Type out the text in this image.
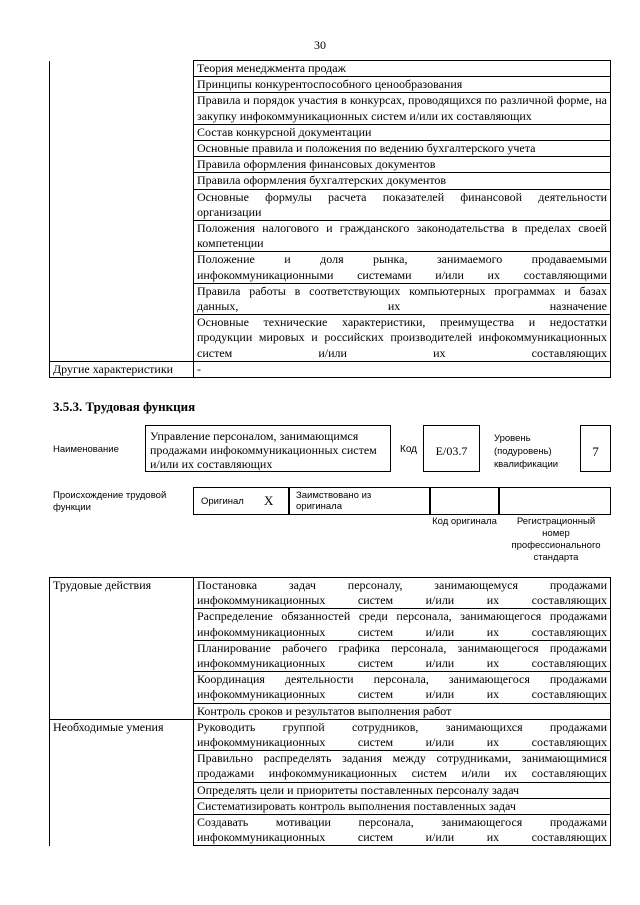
30
	Теория менеджмента продаж
	Принципы конкурентоспособного ценообразования
	Правила и порядок участия в конкурсах, проводящихся по различной форме, на закупку инфокоммуникационных систем и/или их составляющих
	Состав конкурсной документации
	Основные правила и положения по ведению бухгалтерского учета
	Правила оформления финансовых документов
	Правила оформления бухгалтерских документов
	Основные формулы расчета показателей финансовой деятельности организации
	Положения налогового и гражданского законодательства в пределах своей компетенции
	Положение и доля рынка, занимаемого продаваемыми инфокоммуникационными системами и/или их составляющими
	Правила работы в соответствующих компьютерных программах и базах данных, их назначение
	Основные технические характеристики, преимущества и недостатки продукции мировых и российских производителей инфокоммуникационных систем и/или их составляющих
Другие характеристики	-
3.5.3. Трудовая функция
Наименование
Управление персоналом, занимающимся продажами инфокоммуникационных систем и/или их составляющих
Код	E/03.7
Уровень (подуровень) квалификации
7
Происхождение трудовой функции
Оригинал X Заимствовано из оригинала
Код оригинала	Регистрационный номер профессионального стандарта
Трудовые действия	Постановка задач персоналу, занимающемуся продажами инфокоммуникационных систем и/или их составляющих
	Распределение обязанностей среди персонала, занимающегося продажами инфокоммуникационных систем и/или их составляющих
	Планирование рабочего графика персонала, занимающегося продажами инфокоммуникационных систем и/или их составляющих
	Координация деятельности персонала, занимающегося продажами инфокоммуникационных систем и/или их составляющих
	Контроль сроков и результатов выполнения работ
Необходимые умения	Руководить группой сотрудников, занимающихся продажами инфокоммуникационных систем и/или их составляющих
	Правильно распределять задания между сотрудниками, занимающимися продажами инфокоммуникационных систем и/или их составляющих
	Определять цели и приоритеты поставленных персоналу задач
	Систематизировать контроль выполнения поставленных задач
	Создавать мотивации персонала, занимающегося продажами инфокоммуникационных систем и/или их составляющих
